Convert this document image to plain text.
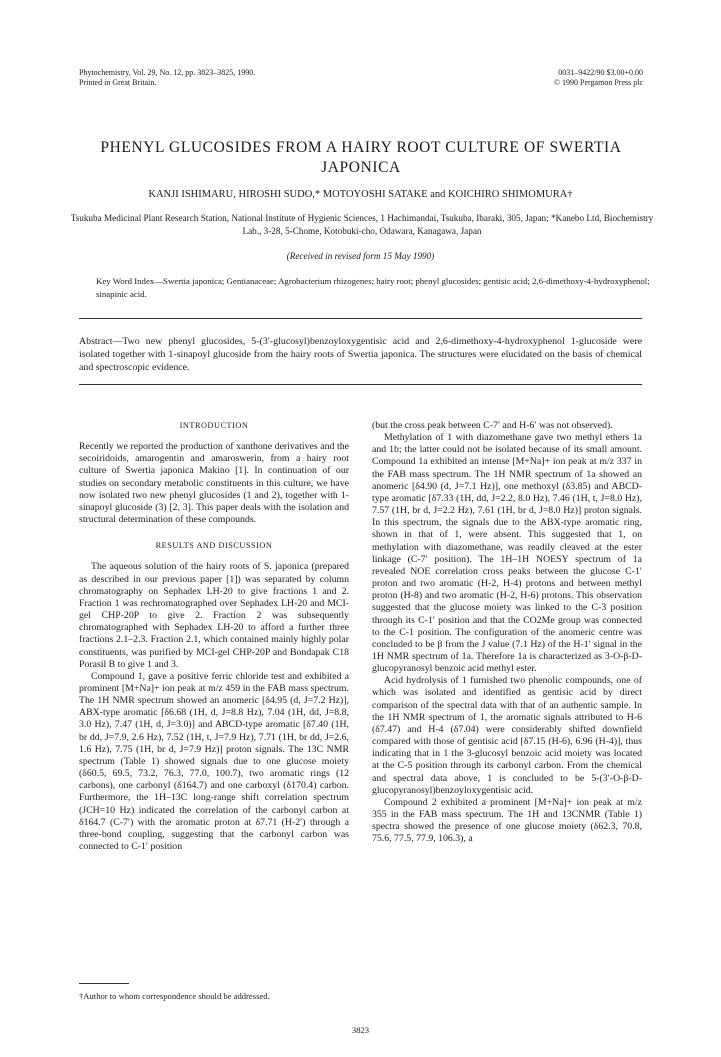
Phytochemistry, Vol. 29, No. 12, pp. 3823–3825, 1990.
Printed in Great Britain.
0031–9422/90 $3.00+0.00
© 1990 Pergamon Press plc
PHENYL GLUCOSIDES FROM A HAIRY ROOT CULTURE OF SWERTIA JAPONICA
KANJI ISHIMARU, HIROSHI SUDO,* MOTOYOSHI SATAKE and KOICHIRO SHIMOMURA†
Tsukuba Medicinal Plant Research Station, National Institute of Hygienic Sciences, 1 Hachimandai, Tsukuba, Ibaraki, 305, Japan; *Kanebo Ltd, Biochemistry Lab., 3-28, 5-Chome, Kotobuki-cho, Odawara, Kanagawa, Japan
(Received in revised form 15 May 1990)
Key Word Index—Swertia japonica; Gentianaceae; Agrobacterium rhizogenes; hairy root; phenyl glucosides; gentisic acid; 2,6-dimethoxy-4-hydroxyphenol; sinapinic acid.
Abstract—Two new phenyl glucosides, 5-(3′-glucosyl)benzoyloxygentisic acid and 2,6-dimethoxy-4-hydroxyphenol 1-glucoside were isolated together with 1-sinapoyl glucoside from the hairy roots of Swertia japonica. The structures were elucidated on the basis of chemical and spectroscopic evidence.
INTRODUCTION

Recently we reported the production of xanthone derivatives and the secoiridoids, amarogentin and amaroswerin, from a hairy root culture of Swertia japonica Makino [1]. In continuation of our studies on secondary metabolic constituents in this culture, we have now isolated two new phenyl glucosides (1 and 2), together with 1-sinapoyl glucoside (3) [2, 3]. This paper deals with the isolation and structural determination of these compounds.

RESULTS AND DISCUSSION

The aqueous solution of the hairy roots of S. japonica (prepared as described in our previous paper [1]) was separated by column chromatography on Sephadex LH-20 to give fractions 1 and 2. Fraction 1 was rechromatographed over Sephadex LH-20 and MCI-gel CHP-20P to give 2. Fraction 2 was subsequently chromatographed with Sephadex LH-20 to afford a further three fractions 2.1–2.3. Fraction 2.1, which contained mainly highly polar constituents, was purified by MCI-gel CHP-20P and Bondapak C18 Porasil B to give 1 and 3.

Compound 1, gave a positive ferric chloride test and exhibited a prominent [M+Na]+ ion peak at m/z 459 in the FAB mass spectrum. The 1H NMR spectrum showed an anomeric [δ4.95 (d, J=7.2 Hz)], ABX-type aromatic [δ6.68 (1H, d, J=8.8 Hz), 7.04 (1H, dd, J=8.8, 3.0 Hz), 7.47 (1H, d, J=3.0)] and ABCD-type aromatic [δ7.40 (1H, br dd, J=7.9, 2.6 Hz), 7.52 (1H, t, J=7.9 Hz), 7.71 (1H, br dd, J=2.6, 1.6 Hz), 7.75 (1H, br d, J=7.9 Hz)] proton signals. The 13C NMR spectrum (Table 1) showed signals due to one glucose moiety (δ60.5, 69.5, 73.2, 76.3, 77.0, 100.7), two aromatic rings (12 carbons), one carbonyl (δ164.7) and one carboxyl (δ170.4) carbon. Furthermore, the 1H–13C long-range shift correlation spectrum (JCH=10 Hz) indicated the correlation of the carbonyl carbon at δ164.7 (C-7′) with the aromatic proton at δ7.71 (H-2′) through a three-bond coupling, suggesting that the carbonyl carbon was connected to C-1′ position

(but the cross peak between C-7′ and H-6′ was not observed).

Methylation of 1 with diazomethane gave two methyl ethers 1a and 1b; the latter could not be isolated because of its small amount. Compound 1a exhibited an intense [M+Na]+ ion peak at m/z 337 in the FAB mass spectrum. The 1H NMR spectrum of 1a showed an anomeric [δ4.90 (d, J=7.1 Hz)], one methoxyl (δ3.85) and ABCD-type aromatic [δ7.33 (1H, dd, J=2.2, 8.0 Hz), 7.46 (1H, t, J=8.0 Hz), 7.57 (1H, br d, J=2.2 Hz), 7.61 (1H, br d, J=8.0 Hz)] proton signals. In this spectrum, the signals due to the ABX-type aromatic ring, shown in that of 1, were absent. This suggested that 1, on methylation with diazomethane, was readily cleaved at the ester linkage (C-7′ position). The 1H–1H NOESY spectrum of 1a revealed NOE correlation cross peaks between the glucose C-1′ proton and two aromatic (H-2, H-4) protons and between methyl proton (H-8) and two aromatic (H-2, H-6) protons. This observation suggested that the glucose moiety was linked to the C-3 position through its C-1′ position and that the CO2Me group was connected to the C-1 position. The configuration of the anomeric centre was concluded to be β from the J value (7.1 Hz) of the H-1′ signal in the 1H NMR spectrum of 1a. Therefore 1a is characterized as 3-O-β-D-glucopyranosyl benzoic acid methyl ester.

Acid hydrolysis of 1 furnished two phenolic compounds, one of which was isolated and identified as gentisic acid by direct comparison of the spectral data with that of an authentic sample. In the 1H NMR spectrum of 1, the aromatic signals attributed to H-6 (δ7.47) and H-4 (δ7.04) were considerably shifted downfield compared with those of gentisic acid [δ7.15 (H-6), 6.96 (H-4)], thus indicating that in 1 the 3-glucosyl benzoic acid moiety was located at the C-5 position through its carbonyl carbon. From the chemical and spectral data above, 1 is concluded to be 5-(3′-O-β-D-glucopyranosyl)benzoyloxygentisic acid.

Compound 2 exhibited a prominent [M+Na]+ ion peak at m/z 355 in the FAB mass spectrum. The 1H and 13CNMR (Table 1) spectra showed the presence of one glucose moiety (δ62.3, 70.8, 75.6, 77.5, 77.9, 106.3), a

†Author to whom correspondence should be addressed.
3823
